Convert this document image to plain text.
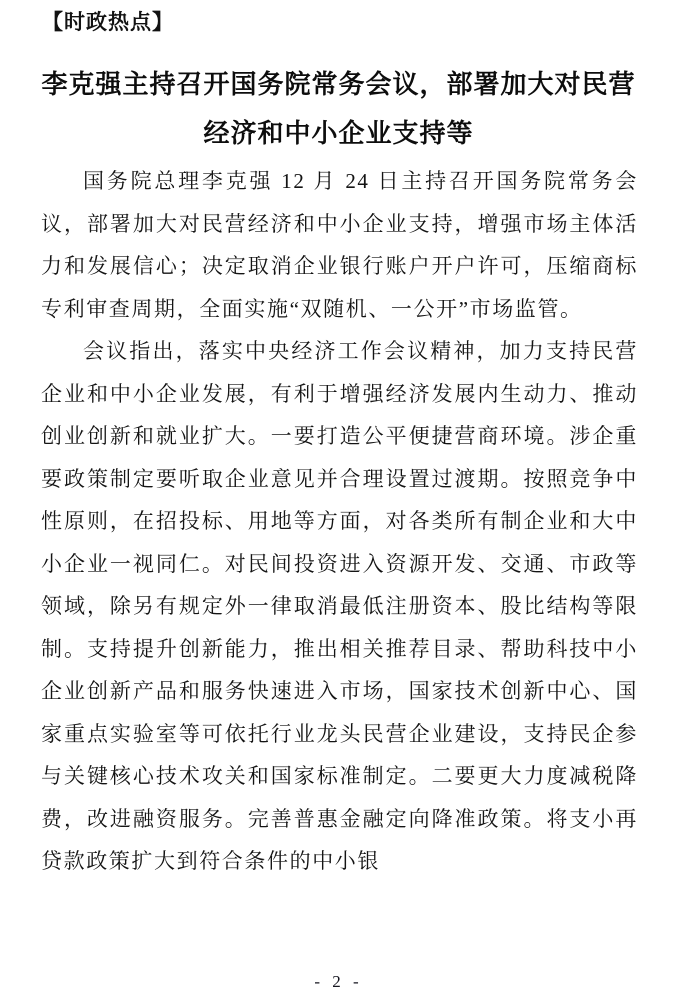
【时政热点】
李克强主持召开国务院常务会议，部署加大对民营经济和中小企业支持等

国务院总理李克强 12 月 24 日主持召开国务院常务会议，部署加大对民营经济和中小企业支持，增强市场主体活力和发展信心；决定取消企业银行账户开户许可，压缩商标专利审查周期，全面实施“双随机、一公开”市场监管。

会议指出，落实中央经济工作会议精神，加力支持民营企业和中小企业发展，有利于增强经济发展内生动力、推动创业创新和就业扩大。一要打造公平便捷营商环境。涉企重要政策制定要听取企业意见并合理设置过渡期。按照竞争中性原则，在招投标、用地等方面，对各类所有制企业和大中小企业一视同仁。对民间投资进入资源开发、交通、市政等领域，除另有规定外一律取消最低注册资本、股比结构等限制。支持提升创新能力，推出相关推荐目录、帮助科技中小企业创新产品和服务快速进入市场，国家技术创新中心、国家重点实验室等可依托行业龙头民营企业建设，支持民企参与关键核心技术攻关和国家标准制定。二要更大力度减税降费，改进融资服务。完善普惠金融定向降准政策。将支小再贷款政策扩大到符合条件的中小银

- 2 -
